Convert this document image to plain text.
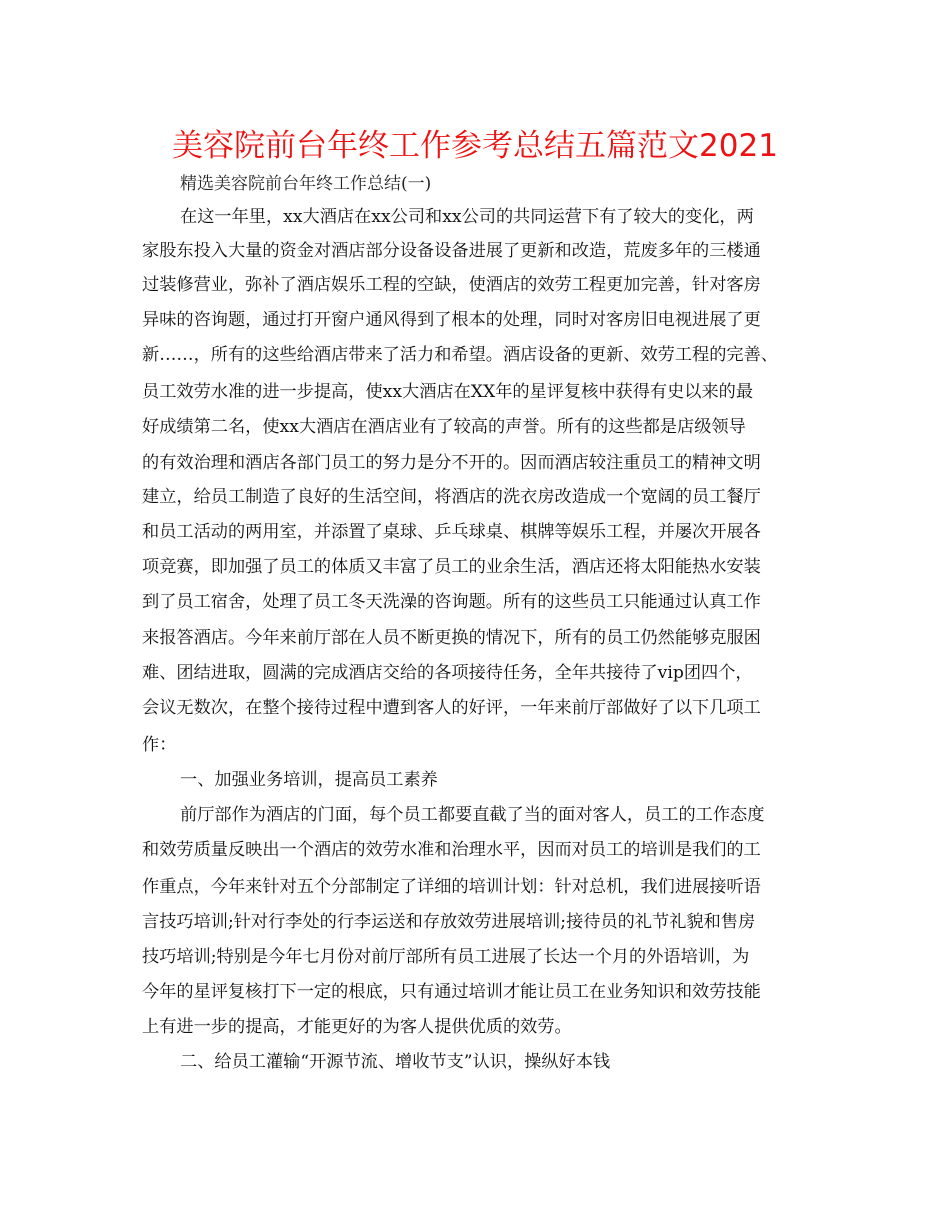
美容院前台年终工作参考总结五篇范文2021
精选美容院前台年终工作总结(一)
在这一年里，xx大酒店在xx公司和xx公司的共同运营下有了较大的变化，两
家股东投入大量的资金对酒店部分设备设备进展了更新和改造，荒废多年的三楼通
过装修营业，弥补了酒店娱乐工程的空缺，使酒店的效劳工程更加完善，针对客房
异味的咨询题，通过打开窗户通风得到了根本的处理，同时对客房旧电视进展了更
新……，所有的这些给酒店带来了活力和希望。酒店设备的更新、效劳工程的完善、
员工效劳水准的进一步提高，使xx大酒店在XX年的星评复核中获得有史以来的最
好成绩第二名，使xx大酒店在酒店业有了较高的声誉。所有的这些都是店级领导
的有效治理和酒店各部门员工的努力是分不开的。因而酒店较注重员工的精神文明
建立，给员工制造了良好的生活空间，将酒店的洗衣房改造成一个宽阔的员工餐厅
和员工活动的两用室，并添置了桌球、乒乓球桌、棋牌等娱乐工程，并屡次开展各
项竞赛，即加强了员工的体质又丰富了员工的业余生活，酒店还将太阳能热水安装
到了员工宿舍，处理了员工冬天洗澡的咨询题。所有的这些员工只能通过认真工作
来报答酒店。今年来前厅部在人员不断更换的情况下，所有的员工仍然能够克服困
难、团结进取，圆满的完成酒店交给的各项接待任务，全年共接待了vip团四个，
会议无数次，在整个接待过程中遭到客人的好评，一年来前厅部做好了以下几项工
作：
一、加强业务培训，提高员工素养
前厅部作为酒店的门面，每个员工都要直截了当的面对客人，员工的工作态度
和效劳质量反映出一个酒店的效劳水准和治理水平，因而对员工的培训是我们的工
作重点，今年来针对五个分部制定了详细的培训计划：针对总机，我们进展接听语
言技巧培训;针对行李处的行李运送和存放效劳进展培训;接待员的礼节礼貌和售房
技巧培训;特别是今年七月份对前厅部所有员工进展了长达一个月的外语培训，为
今年的星评复核打下一定的根底，只有通过培训才能让员工在业务知识和效劳技能
上有进一步的提高，才能更好的为客人提供优质的效劳。
二、给员工灌输“开源节流、增收节支”认识，操纵好本钱
